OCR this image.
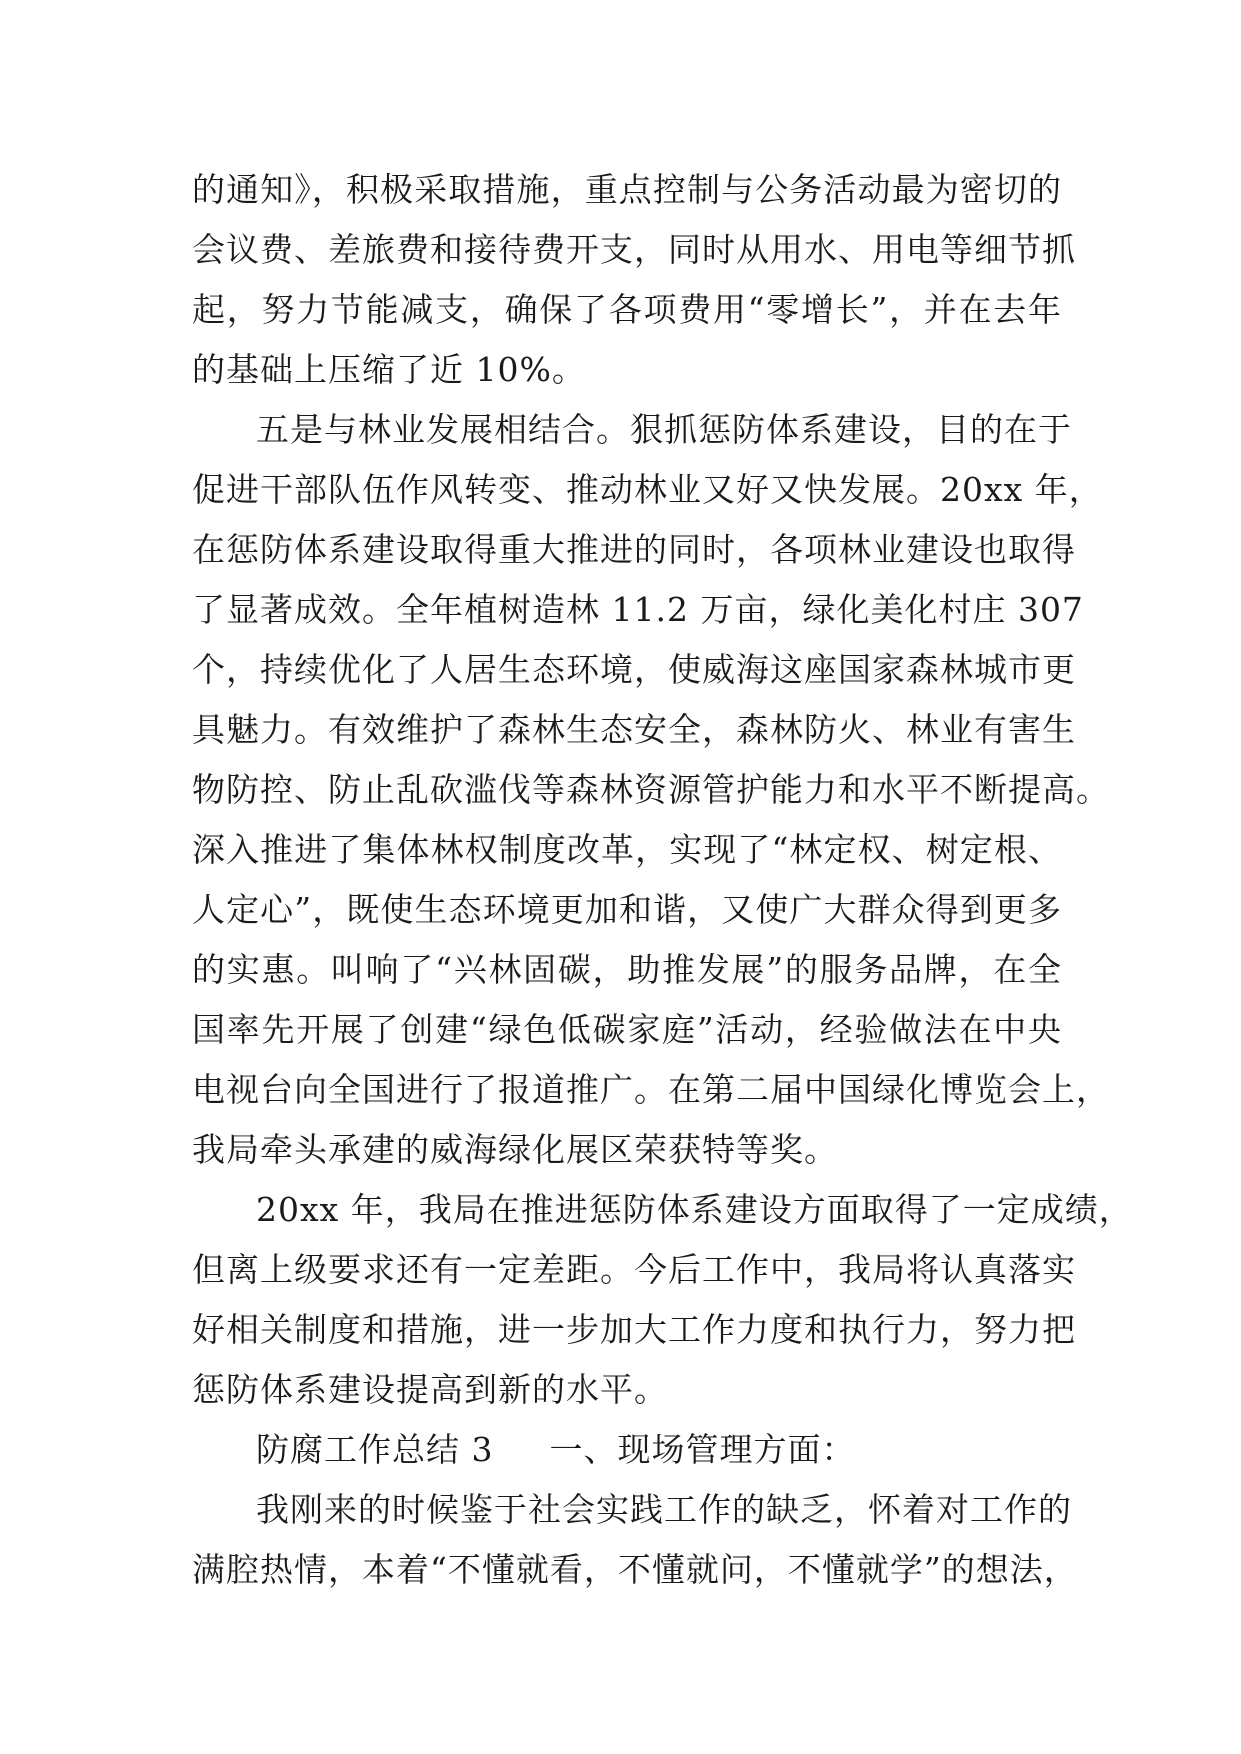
的通知》，积极采取措施，重点控制与公务活动最为密切的
会议费、差旅费和接待费开支，同时从用水、用电等细节抓
起，努力节能减支，确保了各项费用“零增长”，并在去年
的基础上压缩了近 10%。
五是与林业发展相结合。狠抓惩防体系建设，目的在于
促进干部队伍作风转变、推动林业又好又快发展。20xx 年，
在惩防体系建设取得重大推进的同时，各项林业建设也取得
了显著成效。全年植树造林 11.2 万亩，绿化美化村庄 307
个，持续优化了人居生态环境，使威海这座国家森林城市更
具魅力。有效维护了森林生态安全，森林防火、林业有害生
物防控、防止乱砍滥伐等森林资源管护能力和水平不断提高。
深入推进了集体林权制度改革，实现了“林定权、树定根、
人定心”，既使生态环境更加和谐，又使广大群众得到更多
的实惠。叫响了“兴林固碳，助推发展”的服务品牌，在全
国率先开展了创建“绿色低碳家庭”活动，经验做法在中央
电视台向全国进行了报道推广。在第二届中国绿化博览会上，
我局牵头承建的威海绿化展区荣获特等奖。
20xx 年，我局在推进惩防体系建设方面取得了一定成绩，
但离上级要求还有一定差距。今后工作中，我局将认真落实
好相关制度和措施，进一步加大工作力度和执行力，努力把
惩防体系建设提高到新的水平。
防腐工作总结 3 一、现场管理方面：
我刚来的时候鉴于社会实践工作的缺乏，怀着对工作的
满腔热情，本着“不懂就看，不懂就问，不懂就学”的想法，
